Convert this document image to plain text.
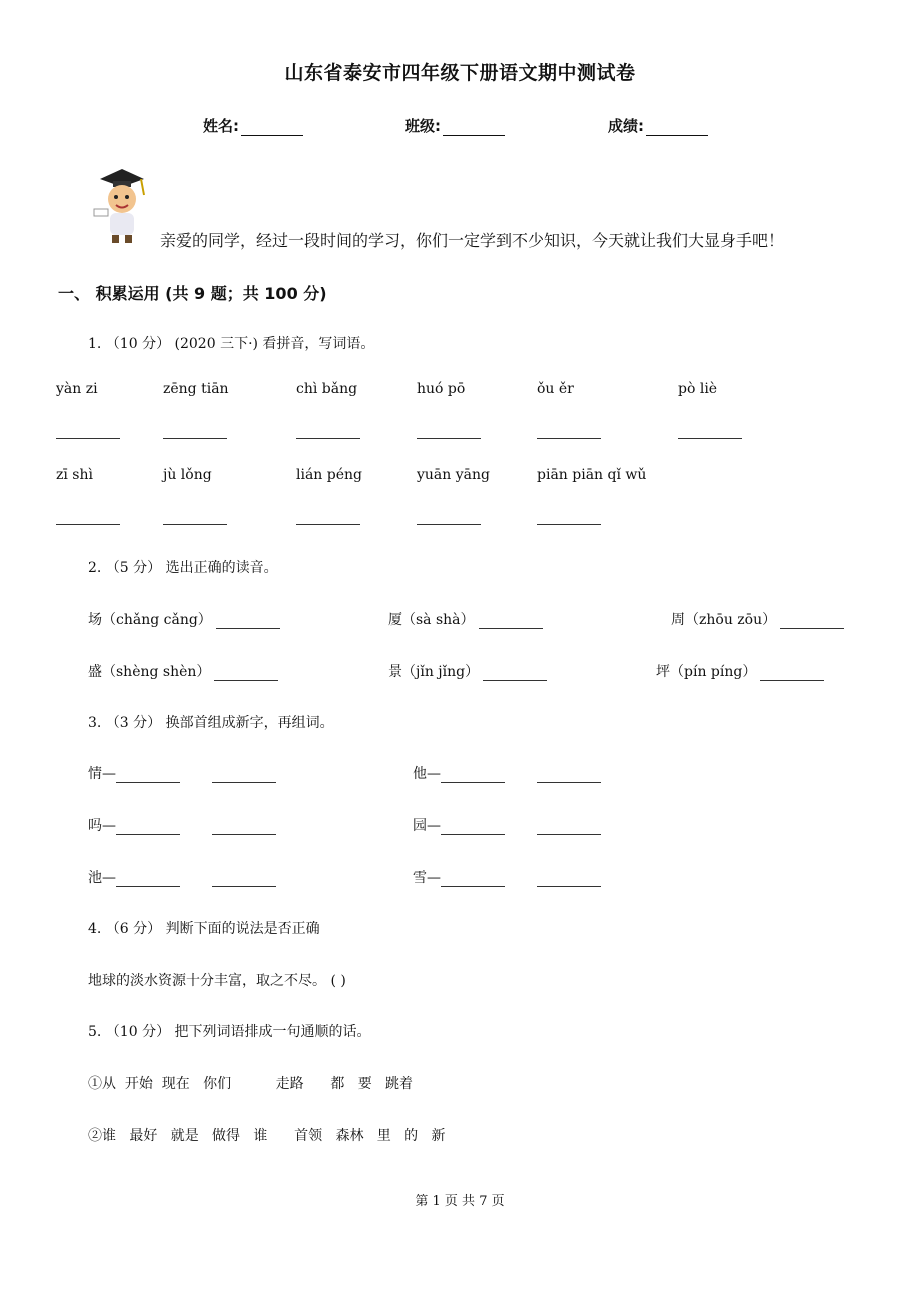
山东省泰安市四年级下册语文期中测试卷
姓名:	班级:	成绩:
亲爱的同学，经过一段时间的学习，你们一定学到不少知识，今天就让我们大显身手吧！
一、 积累运用 (共 9 题；共 100 分)
1. （10 分） (2020 三下·) 看拼音，写词语。
yàn zi	zēng tiān	chì bǎng	huó pō	ǒu ěr	pò liè
zī shì	jù lǒng	lián péng	yuān yāng	piān piān qǐ wǔ
2. （5 分） 选出正确的读音。
场（chǎng cǎng）	厦（sà shà）	周（zhōu zōu）
盛（shèng shèn）	景（jǐn jǐng）	坪（pín píng）
3. （3 分） 换部首组成新字，再组词。
情—	他—
吗—	园—
池—	雪—
4. （6 分） 判断下面的说法是否正确
地球的淡水资源十分丰富，取之不尽。 ( )
5. （10 分） 把下列词语排成一句通顺的话。
①从  开始  现在   你们          走路      都   要   跳着
②谁   最好   就是   做得   谁      首领   森林   里   的   新
第 1 页 共 7 页
